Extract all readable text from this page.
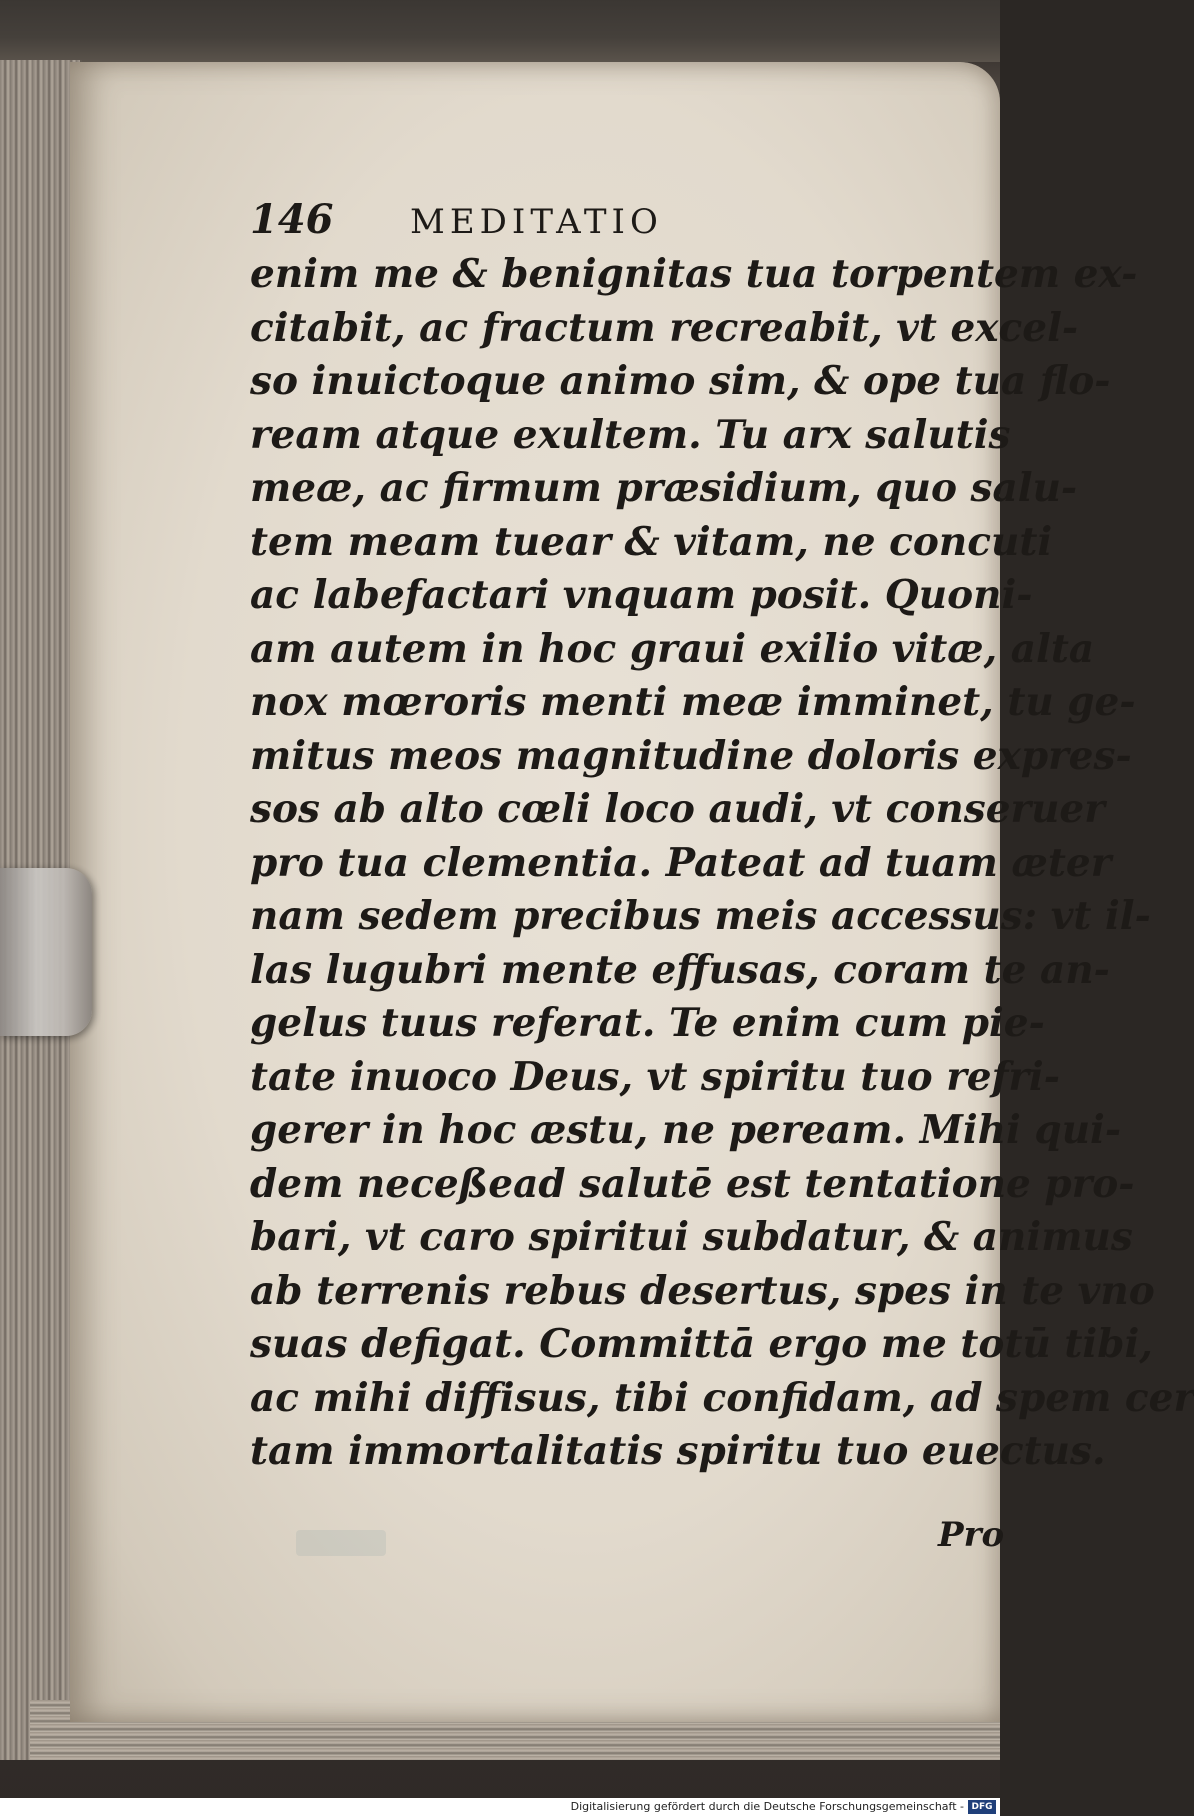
146	MEDITATIO
enim me & benignitas tua torpentem ex-
citabit, ac fractum recreabit, vt excel-
so inuictoque animo sim, & ope tua flo-
ream atque exultem. Tu arx salutis
meæ, ac firmum præsidium, quo salu-
tem meam tuear & vitam, ne concuti
ac labefactari vnquam posit. Quoni-
am autem in hoc graui exilio vitæ, alta
nox mœroris menti meæ imminet, tu ge-
mitus meos magnitudine doloris expres-
sos ab alto cœli loco audi, vt conseruer
pro tua clementia. Pateat ad tuam æter
nam sedem precibus meis accessus: vt il-
las lugubri mente effusas, coram te an-
gelus tuus referat. Te enim cum pie-
tate inuoco Deus, vt spiritu tuo refri-
gerer in hoc æstu, ne peream. Mihi qui-
dem neceßead salutē est tentatione pro-
bari, vt caro spiritui subdatur, & animus
ab terrenis rebus desertus, spes in te vno
suas defigat. Committā ergo me totū tibi,
ac mihi diffisus, tibi confidam, ad spem cer
tam immortalitatis spiritu tuo euectus.
Pro
Digitalisierung gefördert durch die Deutsche Forschungsgemeinschaft - DFG
